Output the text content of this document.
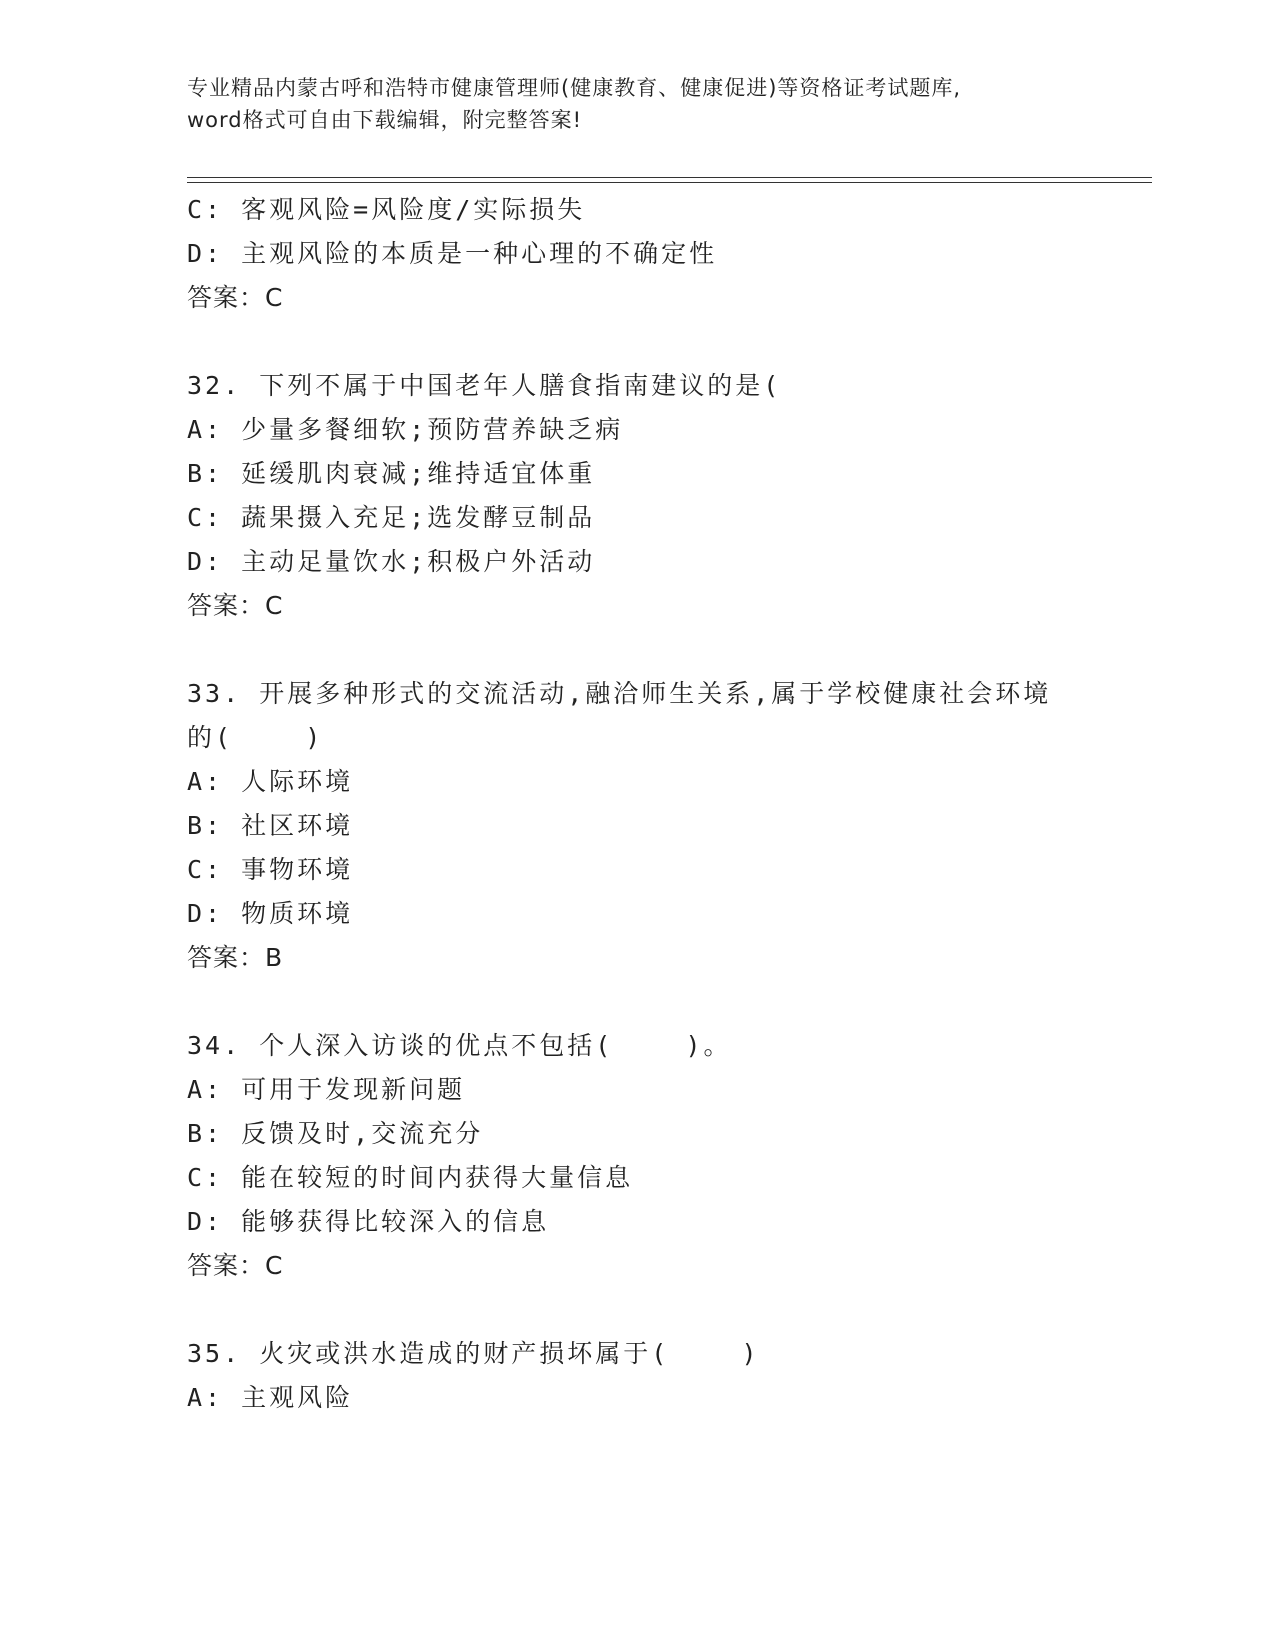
专业精品内蒙古呼和浩特市健康管理师(健康教育、健康促进)等资格证考试题库,
word格式可自由下载编辑，附完整答案!
C: 客观风险=风险度/实际损失
D: 主观风险的本质是一种心理的不确定性
答案：C
32. 下列不属于中国老年人膳食指南建议的是(
A: 少量多餐细软;预防营养缺乏病
B: 延缓肌肉衰减;维持适宜体重
C: 蔬果摄入充足;选发酵豆制品
D: 主动足量饮水;积极户外活动
答案：C
33. 开展多种形式的交流活动,融洽师生关系,属于学校健康社会环境
的(    )
A: 人际环境
B: 社区环境
C: 事物环境
D: 物质环境
答案：B
34. 个人深入访谈的优点不包括(    )。
A: 可用于发现新问题
B: 反馈及时,交流充分
C: 能在较短的时间内获得大量信息
D: 能够获得比较深入的信息
答案：C
35. 火灾或洪水造成的财产损坏属于(    )
A: 主观风险
